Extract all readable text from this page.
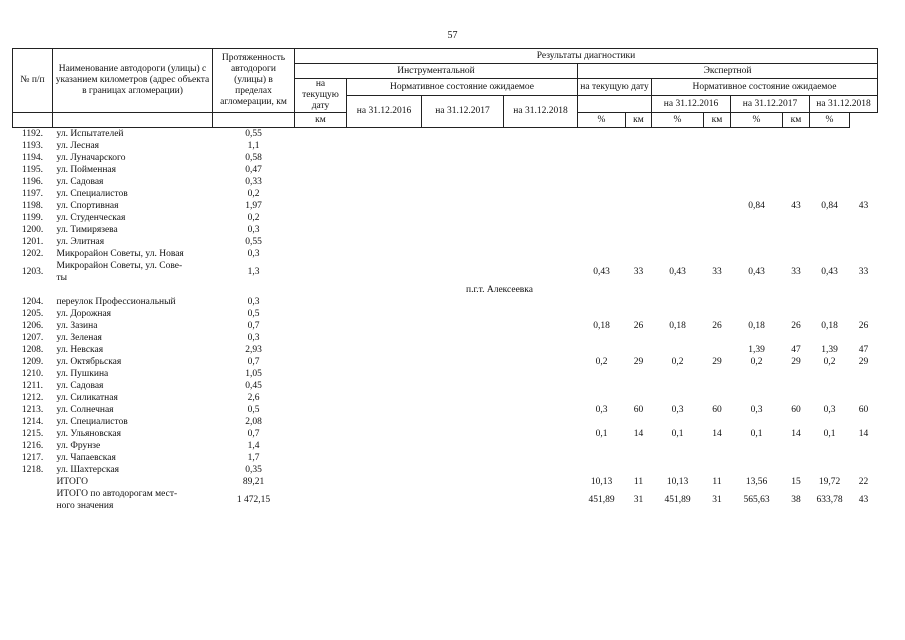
57
№ п/п	Наименование автодороги (улицы) с указанием километров (адрес объекта в границах агломерации)	Протяженность автодороги (улицы) в пределах агломерации, км	Результаты диагностики											
			Инструментальной				Экспертной							
			на текущую дату	Нормативное состояние ожидаемое			на текущую дату		Нормативное состояние ожидаемое					
				на 31.12.2016	на 31.12.2017	на 31.12.2018			на 31.12.2016		на 31.12.2017		на 31.12.2018	
			км				%	км	%	км	%	км	%	
1192.	ул. Испытателей	0,55												
1193.	ул. Лесная	1,1												
1194.	ул. Луначарского	0,58												
1195.	ул. Пойменная	0,47												
1196.	ул. Садовая	0,33												
1197.	ул. Специалистов	0,2												
1198.	ул. Спортивная	1,97									0,84	43	0,84	43
1199.	ул. Студенческая	0,2												
1200.	ул. Тимирязева	0,3												
1201.	ул. Элитная	0,55												
1202.	Микрорайон Советы, ул. Новая	0,3												
1203.	Микрорайон Советы, ул. Сове-
ты	1,3					0,43	33	0,43	33	0,43	33	0,43	33
					п.г.т. Алексеевка									
1204.	переулок Профессиональный	0,3												
1205.	ул. Дорожная	0,5												
1206.	ул. Зазина	0,7					0,18	26	0,18	26	0,18	26	0,18	26
1207.	ул. Зеленая	0,3												
1208.	ул. Невская	2,93									1,39	47	1,39	47
1209.	ул. Октябрьская	0,7					0,2	29	0,2	29	0,2	29	0,2	29
1210.	ул. Пушкина	1,05												
1211.	ул. Садовая	0,45												
1212.	ул. Силикатная	2,6												
1213.	ул. Солнечная	0,5					0,3	60	0,3	60	0,3	60	0,3	60
1214.	ул. Специалистов	2,08												
1215.	ул. Ульяновская	0,7					0,1	14	0,1	14	0,1	14	0,1	14
1216.	ул. Фрунзе	1,4												
1217.	ул. Чапаевская	1,7												
1218.	ул. Шахтерская	0,35												
	ИТОГО	89,21					10,13	11	10,13	11	13,56	15	19,72	22
	ИТОГО по автодорогам мест-
ного значения	1 472,15					451,89	31	451,89	31	565,63	38	633,78	43
